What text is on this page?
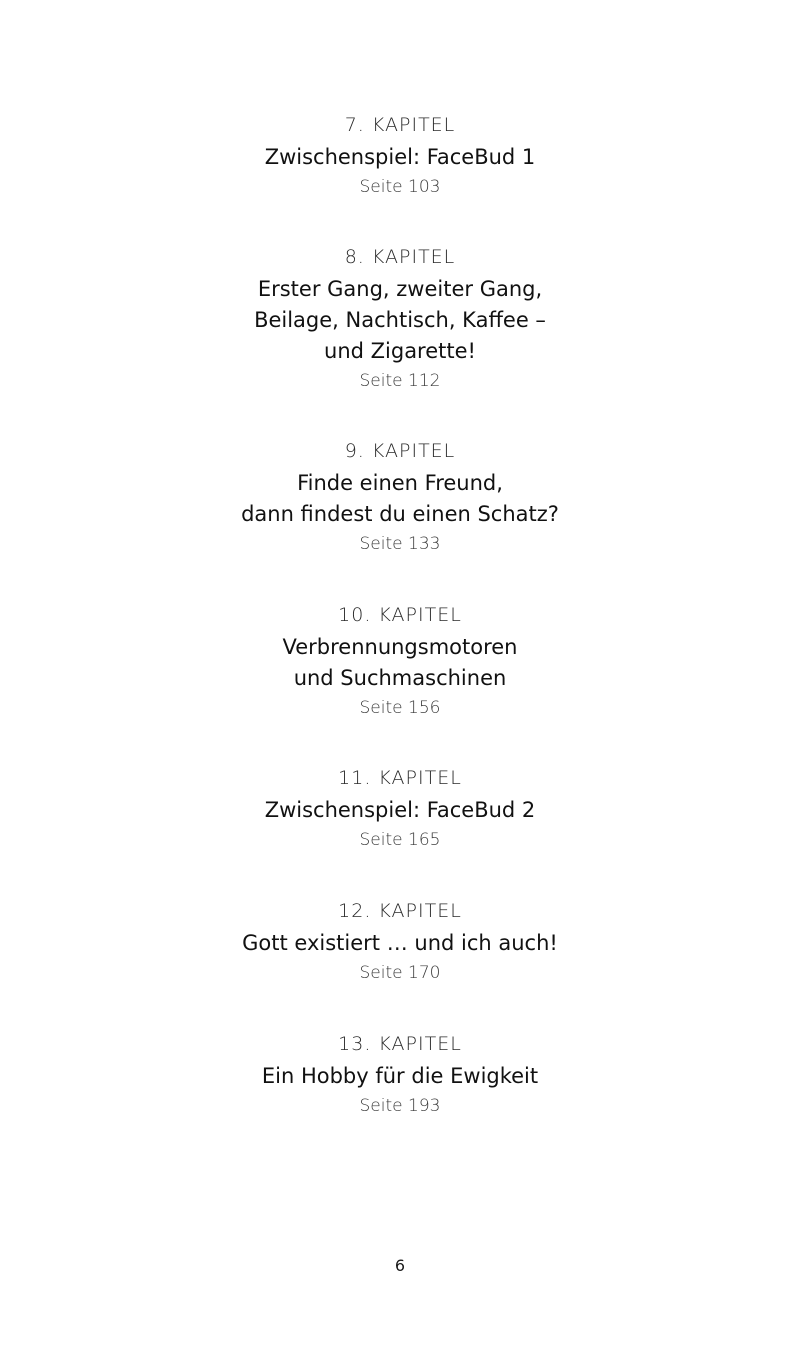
7. KAPITEL
Zwischenspiel: FaceBud 1
Seite 103
8. KAPITEL
Erster Gang, zweiter Gang,
Beilage, Nachtisch, Kaffee –
und Zigarette!
Seite 112
9. KAPITEL
Finde einen Freund,
dann findest du einen Schatz?
Seite 133
10. KAPITEL
Verbrennungsmotoren
und Suchmaschinen
Seite 156
11. KAPITEL
Zwischenspiel: FaceBud 2
Seite 165
12. KAPITEL
Gott existiert … und ich auch!
Seite 170
13. KAPITEL
Ein Hobby für die Ewigkeit
Seite 193
6
